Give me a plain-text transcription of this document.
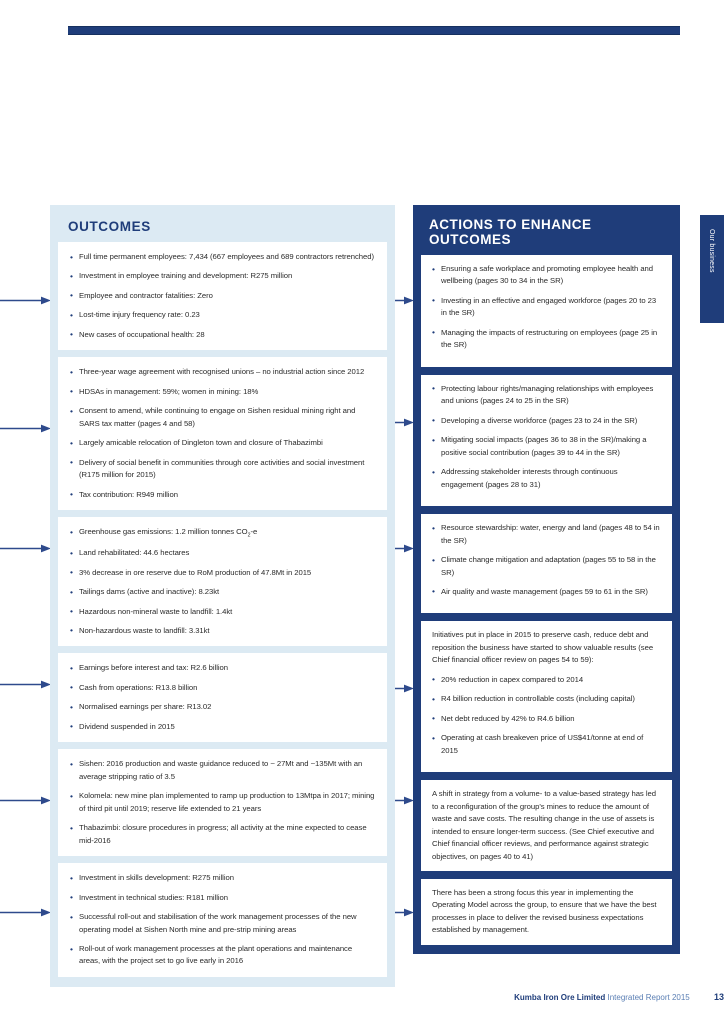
OUTCOMES
• Full time permanent employees: 7,434 (667 employees and 689 contractors retrenched)
• Investment in employee training and development: R275 million
• Employee and contractor fatalities: Zero
• Lost-time injury frequency rate: 0.23
• New cases of occupational health: 28
• Three-year wage agreement with recognised unions – no industrial action since 2012
• HDSAs in management: 59%; women in mining: 18%
• Consent to amend, while continuing to engage on Sishen residual mining right and SARS tax matter (pages 4 and 58)
• Largely amicable relocation of Dingleton town and closure of Thabazimbi
• Delivery of social benefit in communities through core activities and social investment (R175 million for 2015)
• Tax contribution: R949 million
• Greenhouse gas emissions: 1.2 million tonnes $CO_2-e$
• Land rehabilitated: 44.6 hectares
• 3% decrease in ore reserve due to RoM production of 47.8Mt in 2015
• Tailings dams (active and inactive): 8.23kt
• Hazardous non-mineral waste to landfill: 1.4kt
• Non-hazardous waste to landfill: 3.31kt
• Earnings before interest and tax: R2.6 billion
• Cash from operations: R13.8 billion
• Normalised earnings per share: R13.02
• Dividend suspended in 2015
• Sishen: 2016 production and waste guidance reduced to ~ 27Mt and ~135Mt with an average stripping ratio of 3.5
• Kolomela: new mine plan implemented to ramp up production to 13Mtpa in 2017; mining of third pit until 2019; reserve life extended to 21 years
• Thabazimbi: closure procedures in progress; all activity at the mine expected to cease mid-2016
• Investment in skills development: R275 million
• Investment in technical studies: R181 million
• Successful roll-out and stabilisation of the work management processes of the new operating model at Sishen North mine and pre-strip mining areas
• Roll-out of work management processes at the plant operations and maintenance areas, with the project set to go live early in 2016
ACTIONS TO ENHANCE OUTCOMES
• Ensuring a safe workplace and promoting employee health and wellbeing (pages 30 to 34 in the SR)
• Investing in an effective and engaged workforce (pages 20 to 23 in the SR)
• Managing the impacts of restructuring on employees (page 25 in the SR)
• Protecting labour rights/managing relationships with employees and unions (pages 24 to 25 in the SR)
• Developing a diverse workforce (pages 23 to 24 in the SR)
• Mitigating social impacts (pages 36 to 38 in the SR)/making a positive social contribution (pages 39 to 44 in the SR)
• Addressing stakeholder interests through continuous engagement (pages 28 to 31)
• Resource stewardship: water, energy and land (pages 48 to 54 in the SR)
• Climate change mitigation and adaptation (pages 55 to 58 in the SR)
• Air quality and waste management (pages 59 to 61 in the SR)

Initiatives put in place in 2015 to preserve cash, reduce debt and reposition the business have started to show valuable results (see Chief financial officer review on pages 54 to 59):

• 20% reduction in capex compared to 2014
• R4 billion reduction in controllable costs (including capital)
• Net debt reduced by 42% to R4.6 billion
• Operating at cash breakeven price of US$41/tonne at end of 2015

A shift in strategy from a volume- to a value-based strategy has led to a reconfiguration of the group's mines to reduce the amount of waste and save costs. The resulting change in the use of assets is intended to ensure longer-term success. (See Chief executive and Chief financial officer reviews, and performance against strategic objectives, on pages 40 to 41)

There has been a strong focus this year in implementing the Operating Model across the group, to ensure that we have the best processes in place to deliver the revised business expectations established by management.

Our business
Kumba Iron Ore Limited Integrated Report 2015	13
